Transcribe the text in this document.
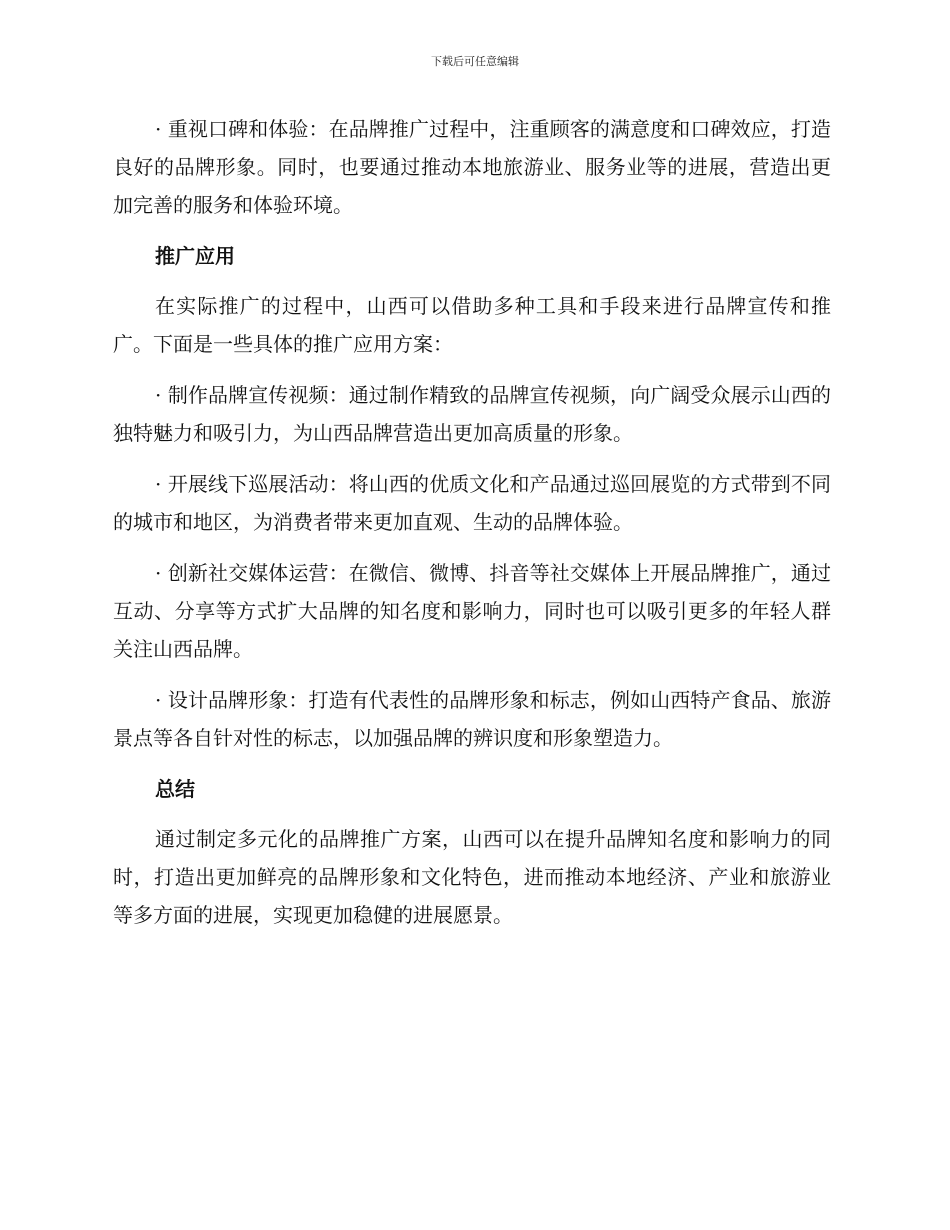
下载后可任意编辑

· 重视口碑和体验：在品牌推广过程中，注重顾客的满意度和口碑效应，打造良好的品牌形象。同时，也要通过推动本地旅游业、服务业等的进展，营造出更加完善的服务和体验环境。

推广应用

在实际推广的过程中，山西可以借助多种工具和手段来进行品牌宣传和推广。下面是一些具体的推广应用方案：

· 制作品牌宣传视频：通过制作精致的品牌宣传视频，向广阔受众展示山西的独特魅力和吸引力，为山西品牌营造出更加高质量的形象。

· 开展线下巡展活动：将山西的优质文化和产品通过巡回展览的方式带到不同的城市和地区，为消费者带来更加直观、生动的品牌体验。

· 创新社交媒体运营：在微信、微博、抖音等社交媒体上开展品牌推广，通过互动、分享等方式扩大品牌的知名度和影响力，同时也可以吸引更多的年轻人群关注山西品牌。

· 设计品牌形象：打造有代表性的品牌形象和标志，例如山西特产食品、旅游景点等各自针对性的标志，以加强品牌的辨识度和形象塑造力。

总结

通过制定多元化的品牌推广方案，山西可以在提升品牌知名度和影响力的同时，打造出更加鲜亮的品牌形象和文化特色，进而推动本地经济、产业和旅游业等多方面的进展，实现更加稳健的进展愿景。
